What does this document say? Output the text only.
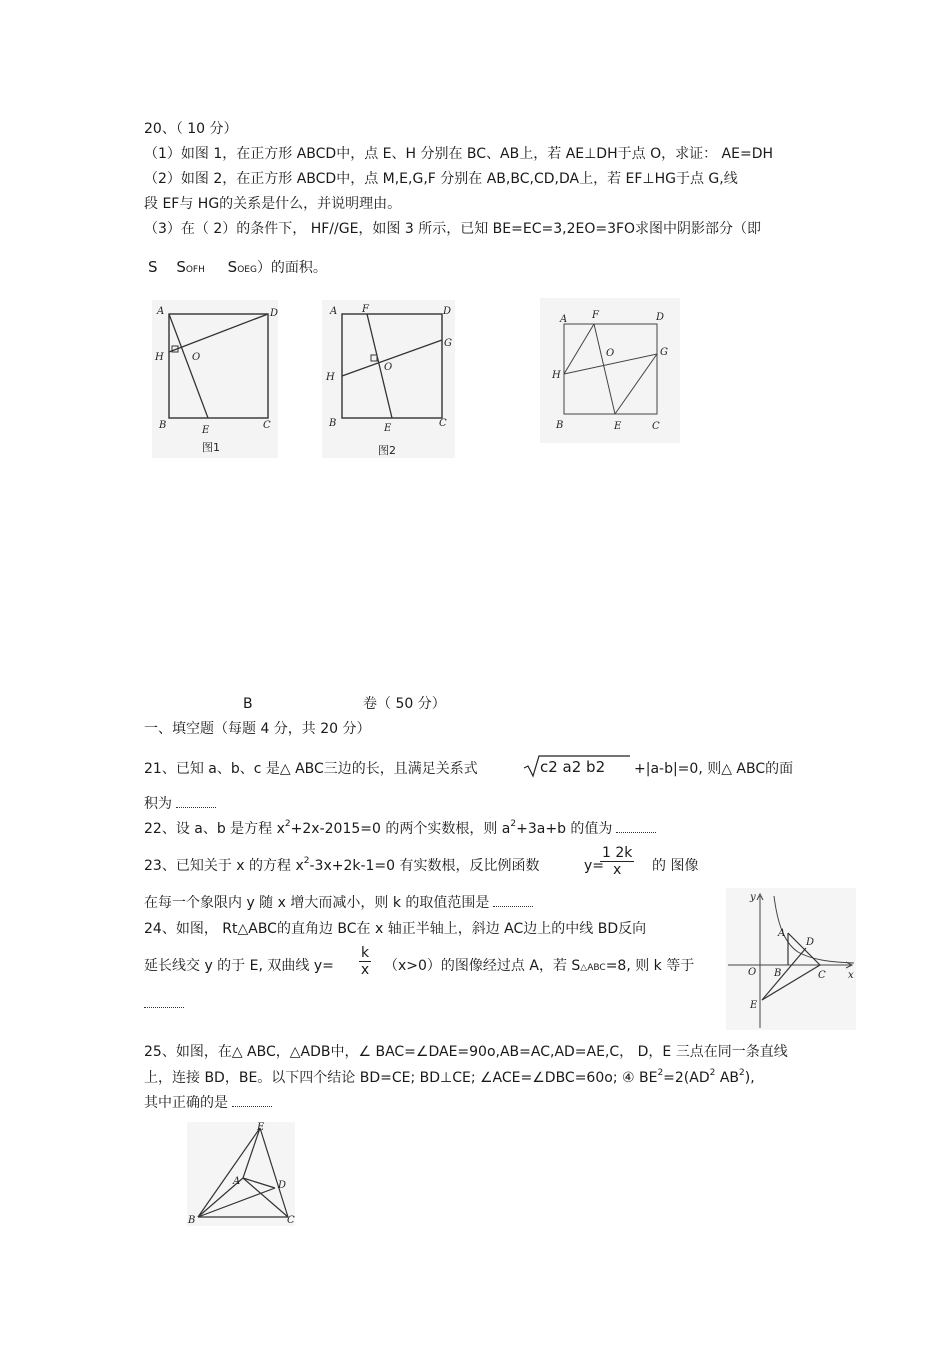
20、（ 10 分）
（1）如图 1，在正方形 ABCD中，点 E、H 分别在 BC、AB上，若 AE⊥DH于点 O，求证： AE=DH
（2）如图 2，在正方形 ABCD中，点 M,E,G,F 分别在 AB,BC,CD,DA上，若 EF⊥HG于点 G,线
段 EF与 HG的关系是什么，并说明理由。
（3）在（ 2）的条件下， HF//GE，如图 3 所示，已知 BE=EC=3,2EO=3FO求图中阴影部分（即
S SOFH SOEG）的面积。
A	D
H	O
B	E	C
图1
A F	D
G
H
O
B	E	C
图2
A F	D
O	G
H
B	E	C
B	卷（ 50 分）
一、填空题（每题 4 分，共 20 分）
21、已知 a、b、c 是△ ABC三边的长，且满足关系式	c2 a2 b2 +|a-b|=0, 则△ ABC的面
积为
22、设 a、b 是方程 $x^2+2x-2015=0$ 的两个实数根，则 $a^2+3a+b$ 的值为
23、已知关于 x 的方程 $x^2-3x+2k-1=0$ 有实数根，反比例函数	y=
$\frac{1 2k}{x}$ 的 图像
在每一个象限内 y 随 x 增大而减小，则 k 的取值范围是
24、如图， Rt△ABC的直角边 BC在 x 轴正半轴上，斜边 AC边上的中线 BD反向
延长线交 y 的于 E, 双曲线 $y= \frac{k}{x} (x>0)$的图像经过点 A，若 S△ABC=8, 则 k 等于
y
x
A
D
O B	C
E
25、如图，在△ ABC，△ADB中，∠ BAC=∠DAE=90o,AB=AC,AD=AE,C， D，E 三点在同一条直线
上，连接 BD，BE。以下四个结论 BD=CE; BD⊥CE; ∠ACE=∠DBC=60o; ④ $BE^2=2(AD^2$ $AB^2$),
其中正确的是
E
A	D
B	C
